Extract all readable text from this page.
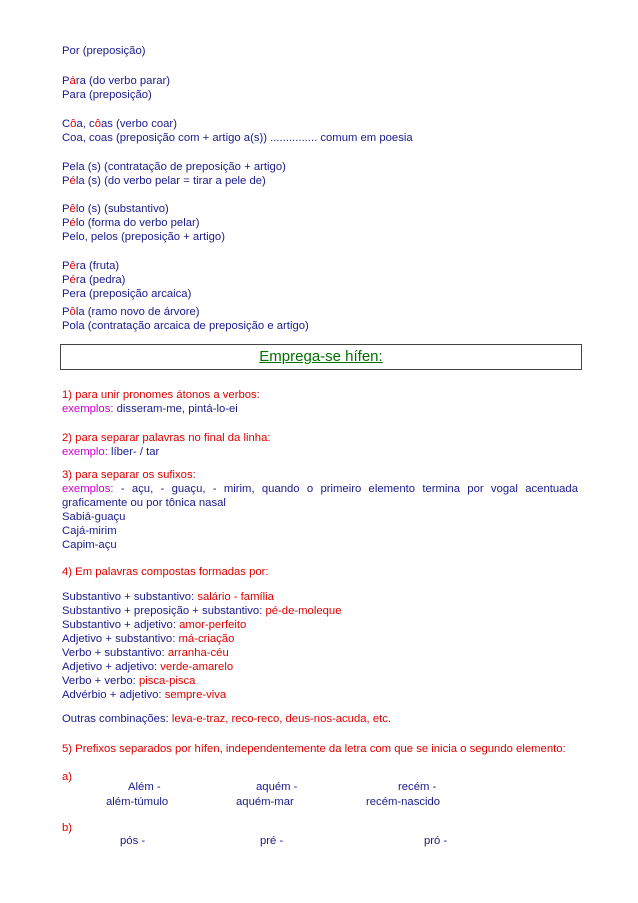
Por (preposição)
Pára (do verbo parar)
Para (preposição)
Côa, côas (verbo coar)
Coa, coas (preposição com + artigo a(s)) ............... comum em poesia
Pela (s) (contratação de preposição + artigo)
Péla (s) (do verbo pelar = tirar a pele de)
Pêlo (s) (substantivo)
Pélo (forma do verbo pelar)
Pelo, pelos (preposição + artigo)
Pêra (fruta)
Péra (pedra)
Pera (preposição arcaica)
Pôla (ramo novo de árvore)
Pola (contratação arcaica de preposição e artigo)
Emprega-se hífen:
1) para unir pronomes átonos a verbos:
exemplos: disseram-me, pintá-lo-ei
2) para separar palavras no final da linha:
exemplo: líber- / tar
3) para separar os sufixos:
exemplos: - açu, - guaçu, - mirim, quando o primeiro elemento termina por vogal acentuada graficamente ou por tônica nasal
Sabiá-guaçu
Cajá-mirim
Capim-açu
4) Em palavras compostas formadas por:
Substantivo + substantivo: salário - família
Substantivo + preposição + substantivo: pé-de-moleque
Substantivo + adjetivo: amor-perfeito
Adjetivo + substantivo: má-criação
Verbo + substantivo: arranha-céu
Adjetivo + adjetivo: verde-amarelo
Verbo + verbo: pisca-pisca
Advérbio + adjetivo: sempre-viva
Outras combinações: leva-e-traz, reco-reco, deus-nos-acuda, etc.
5) Prefixos separados por hífen, independentemente da letra com que se inicia o segundo elemento:
a)
Além -	aquém -	recém -
além-túmulo	aquém-mar	recém-nascido
b)
pós -	pré -	pró -
